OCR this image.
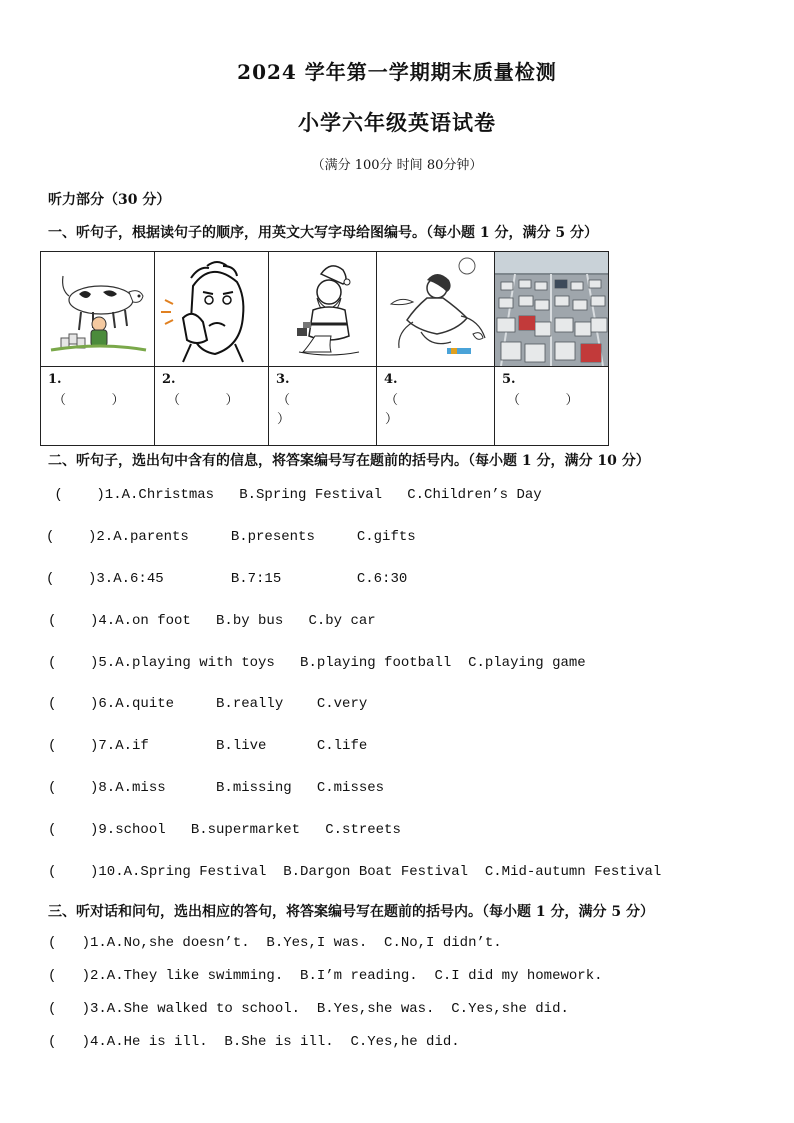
2024 学年第一学期期末质量检测
小学六年级英语试卷
（满分 100分 时间 80分钟）
听力部分（30 分）
一、听句子，根据读句子的顺序，用英文大写字母给图编号。（每小题 1 分，满分 5 分）

1.
（           ）	2.
（           ）	3.
（
）	4.
（
）	5.
（           ）
二、听句子，选出句中含有的信息，将答案编号写在题前的括号内。（每小题 1 分，满分 10 分）
(    )1.A.Christmas   B.Spring Festival   C.Children’s Day
(    )2.A.parents     B.presents     C.gifts
(    )3.A.6:45        B.7:15         C.6:30
(    )4.A.on foot   B.by bus   C.by car
(    )5.A.playing with toys   B.playing football  C.playing game
(    )6.A.quite     B.really    C.very
(    )7.A.if        B.live      C.life
(    )8.A.miss      B.missing   C.misses
(    )9.school   B.supermarket   C.streets
(    )10.A.Spring Festival  B.Dargon Boat Festival  C.Mid-autumn Festival
三、听对话和问句，选出相应的答句，将答案编号写在题前的括号内。（每小题 1 分，满分 5 分）
(   )1.A.No,she doesn’t.  B.Yes,I was.  C.No,I didn’t.
(   )2.A.They like swimming.  B.I’m reading.  C.I did my homework.
(   )3.A.She walked to school.  B.Yes,she was.  C.Yes,she did.
(   )4.A.He is ill.  B.She is ill.  C.Yes,he did.
